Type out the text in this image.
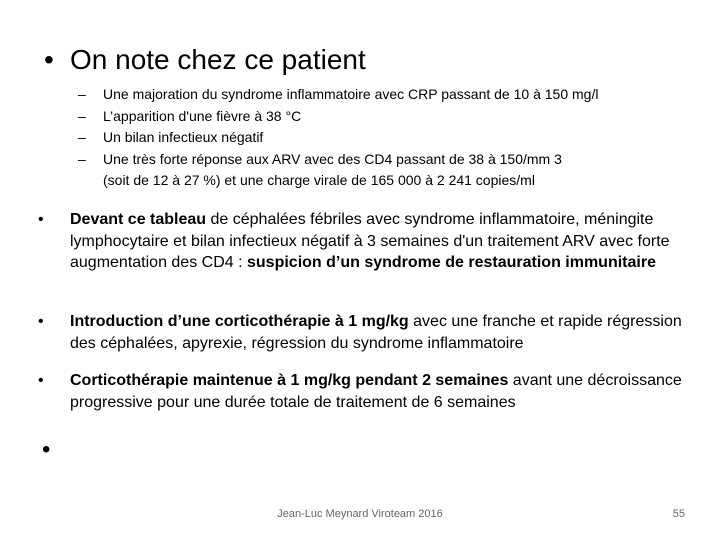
• On note chez ce patient
–	Une majoration du syndrome inflammatoire avec CRP passant de 10 à 150 mg/l
–	L’apparition d'une fièvre à 38 °C
–	Un bilan infectieux négatif
–	Une très forte réponse aux ARV avec des CD4 passant de 38 à 150/mm 3
(soit de 12 à 27 %) et une charge virale de 165 000 à 2 241 copies/ml
•	Devant ce tableau de céphalées fébriles avec syndrome inflammatoire, méningite lymphocytaire et bilan infectieux négatif à 3 semaines d'un traitement ARV avec forte augmentation des CD4 : suspicion d’un syndrome de restauration immunitaire
•	Introduction d’une corticothérapie à 1 mg/kg avec une franche et rapide régression des céphalées, apyrexie, régression du syndrome inflammatoire
•	Corticothérapie maintenue à 1 mg/kg pendant 2 semaines avant une décroissance progressive pour une durée totale de traitement de 6 semaines
•
Jean-Luc Meynard Viroteam 2016	55
